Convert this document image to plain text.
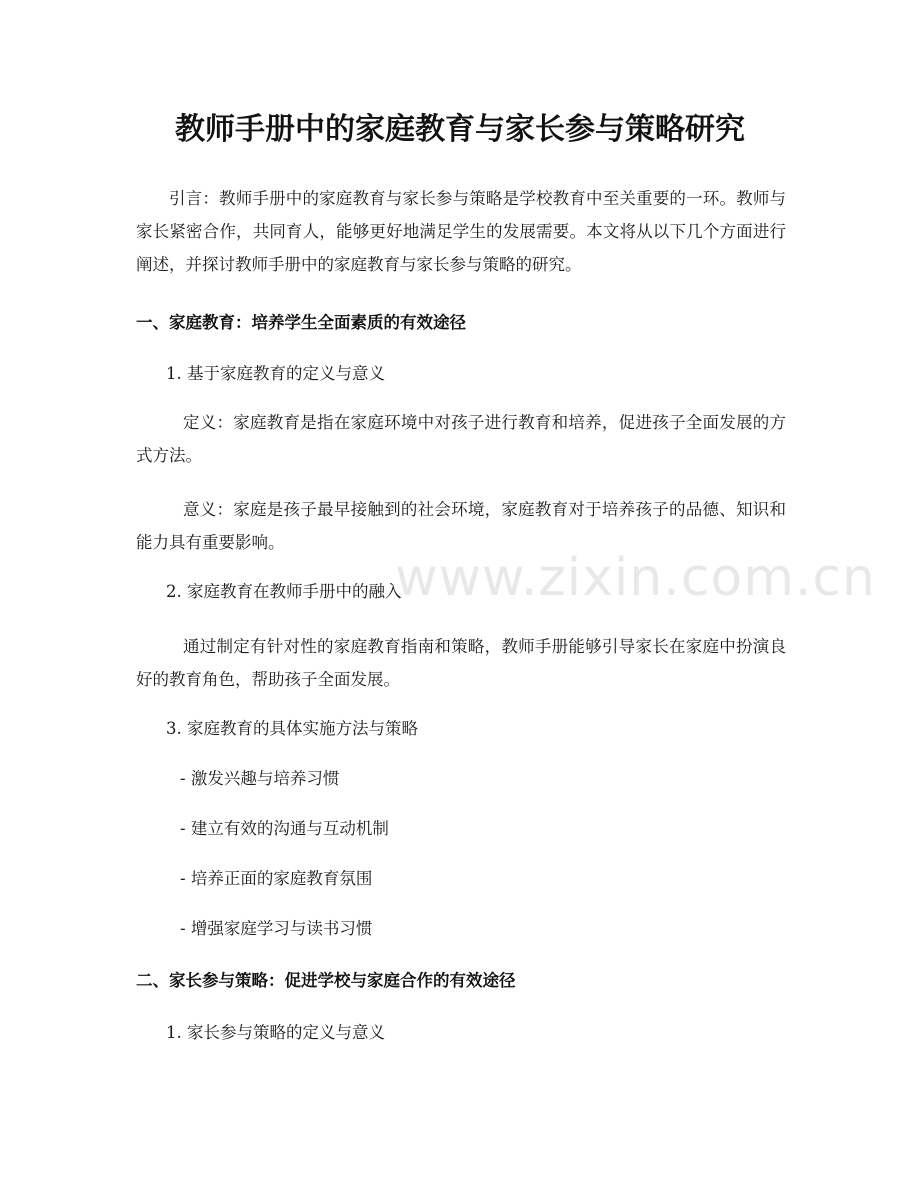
教师手册中的家庭教育与家长参与策略研究
引言：教师手册中的家庭教育与家长参与策略是学校教育中至关重要的一环。教师与家长紧密合作，共同育人，能够更好地满足学生的发展需要。本文将从以下几个方面进行阐述，并探讨教师手册中的家庭教育与家长参与策略的研究。
一、家庭教育：培养学生全面素质的有效途径
1. 基于家庭教育的定义与意义
定义：家庭教育是指在家庭环境中对孩子进行教育和培养，促进孩子全面发展的方式方法。
意义：家庭是孩子最早接触到的社会环境，家庭教育对于培养孩子的品德、知识和能力具有重要影响。
2. 家庭教育在教师手册中的融入
通过制定有针对性的家庭教育指南和策略，教师手册能够引导家长在家庭中扮演良好的教育角色，帮助孩子全面发展。
3. 家庭教育的具体实施方法与策略
- 激发兴趣与培养习惯
- 建立有效的沟通与互动机制
- 培养正面的家庭教育氛围
- 增强家庭学习与读书习惯
二、家长参与策略：促进学校与家庭合作的有效途径
1. 家长参与策略的定义与意义
www.zixin.com.cn
